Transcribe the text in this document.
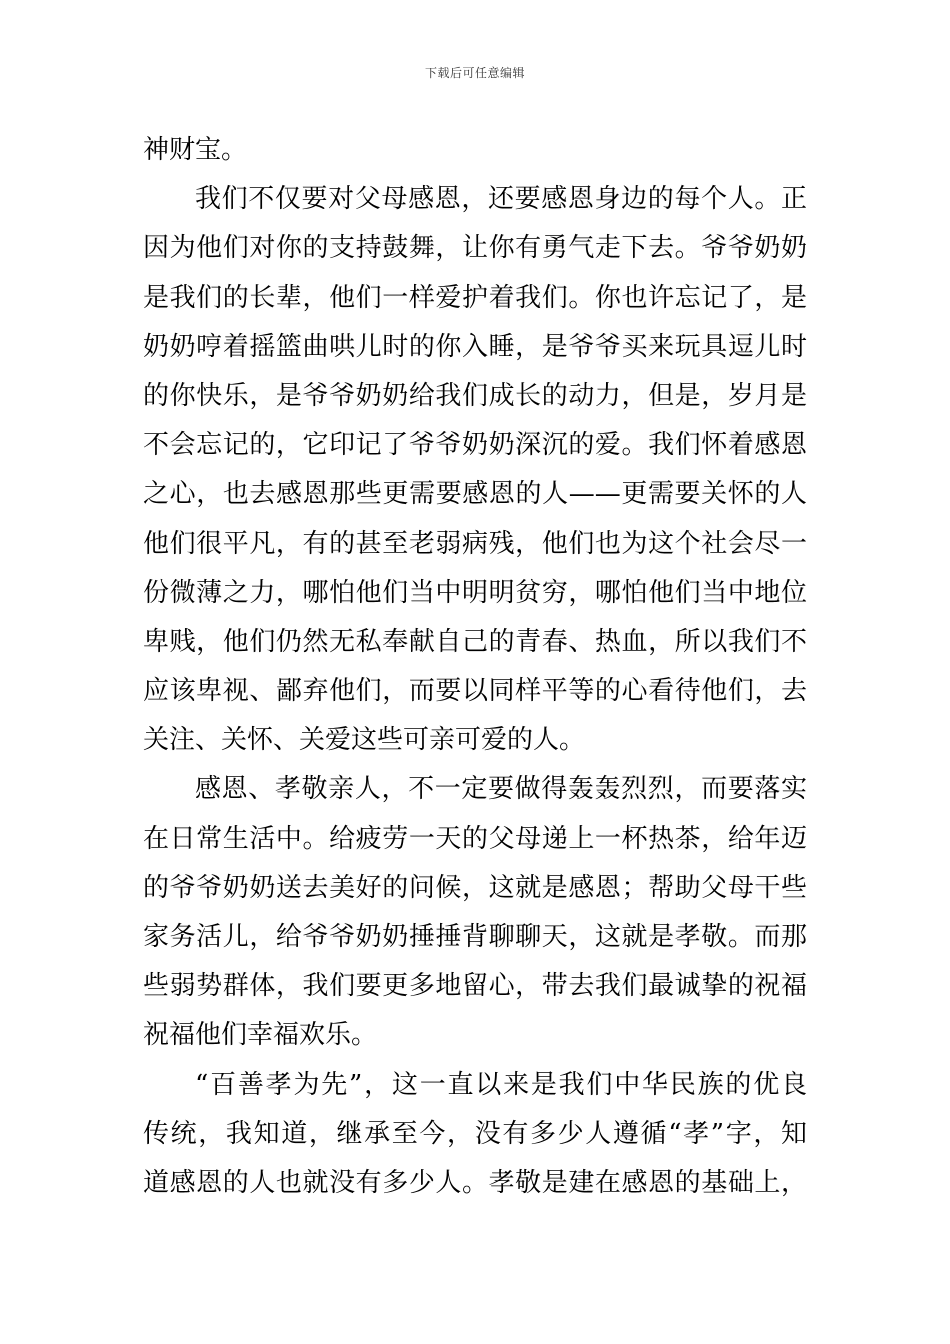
下载后可任意编辑
神财宝。
我们不仅要对父母感恩，还要感恩身边的每个人。正
因为他们对你的支持鼓舞，让你有勇气走下去。爷爷奶奶
是我们的长辈，他们一样爱护着我们。你也许忘记了，是
奶奶哼着摇篮曲哄儿时的你入睡，是爷爷买来玩具逗儿时
的你快乐，是爷爷奶奶给我们成长的动力，但是，岁月是
不会忘记的，它印记了爷爷奶奶深沉的爱。我们怀着感恩
之心，也去感恩那些更需要感恩的人——更需要关怀的人
他们很平凡，有的甚至老弱病残，他们也为这个社会尽一
份微薄之力，哪怕他们当中明明贫穷，哪怕他们当中地位
卑贱，他们仍然无私奉献自己的青春、热血，所以我们不
应该卑视、鄙弃他们，而要以同样平等的心看待他们，去
关注、关怀、关爱这些可亲可爱的人。
感恩、孝敬亲人，不一定要做得轰轰烈烈，而要落实
在日常生活中。给疲劳一天的父母递上一杯热茶，给年迈
的爷爷奶奶送去美好的问候，这就是感恩；帮助父母干些
家务活儿，给爷爷奶奶捶捶背聊聊天，这就是孝敬。而那
些弱势群体，我们要更多地留心，带去我们最诚挚的祝福
祝福他们幸福欢乐。
“百善孝为先”，这一直以来是我们中华民族的优良
传统，我知道，继承至今，没有多少人遵循“孝”字，知
道感恩的人也就没有多少人。孝敬是建在感恩的基础上，
